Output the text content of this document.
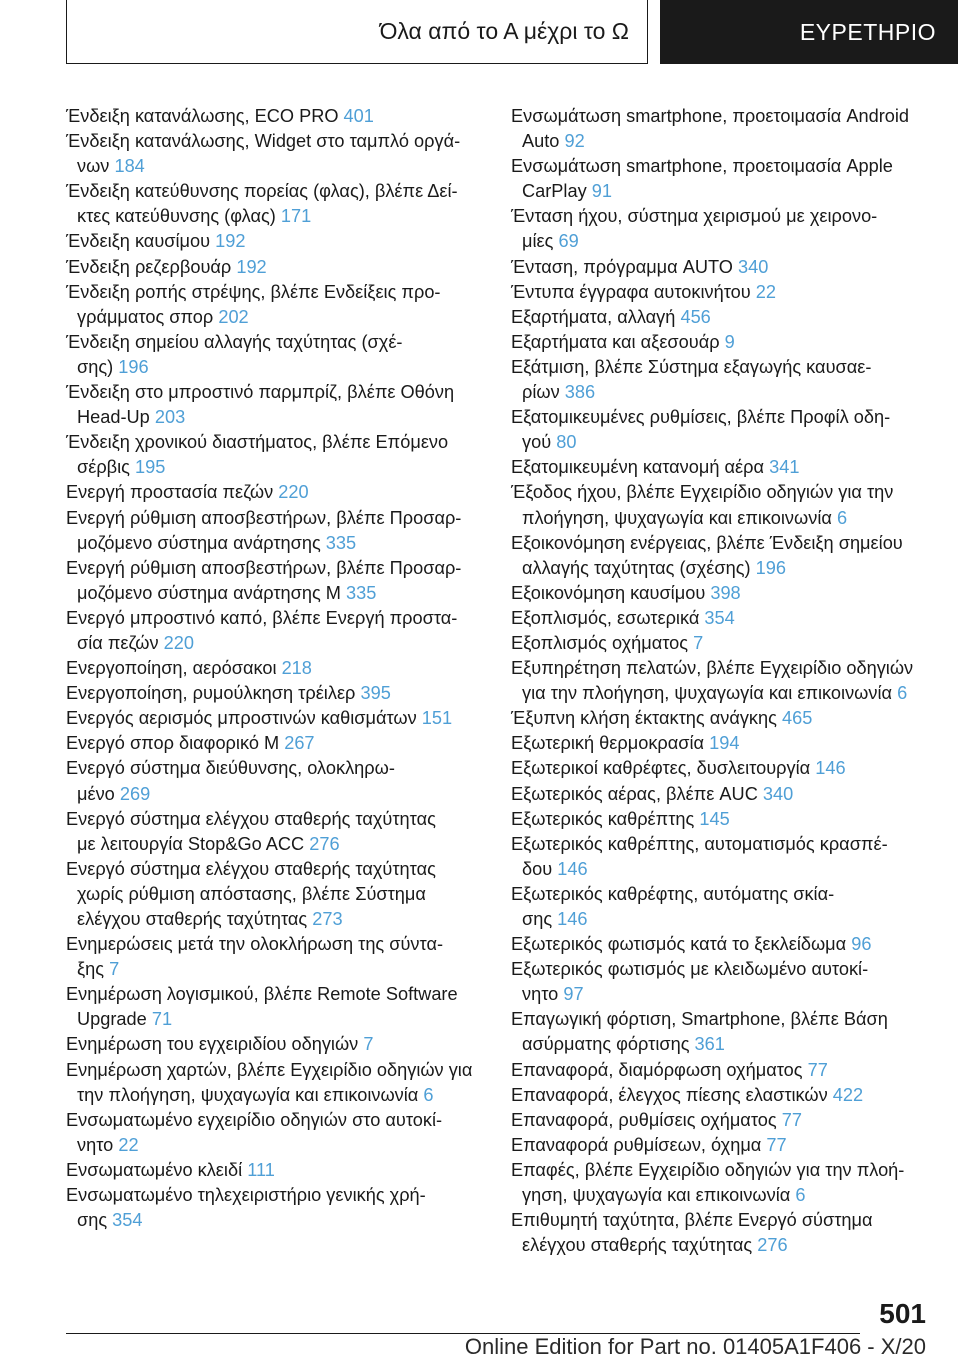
Όλα από το Α μέχρι το Ω	ΕΥΡΕΤΗΡΙΟ

Ένδειξη κατανάλωσης, ECO PRO 401

Ένδειξη κατανάλωσης, Widget στο ταμπλό οργά‐
νων 184

Ένδειξη κατεύθυνσης πορείας (φλας), βλέπε Δεί‐
κτες κατεύθυνσης (φλας) 171

Ένδειξη καυσίμου 192

Ένδειξη ρεζερβουάρ 192

Ένδειξη ροπής στρέψης, βλέπε Ενδείξεις προ‐
γράμματος σπορ 202

Ένδειξη σημείου αλλαγής ταχύτητας (σχέ‐
σης) 196

Ένδειξη στο μπροστινό παρμπρίζ, βλέπε Οθόνη
Head-Up 203

Ένδειξη χρονικού διαστήματος, βλέπε Επόμενο
σέρβις 195

Ενεργή προστασία πεζών 220

Ενεργή ρύθμιση αποσβεστήρων, βλέπε Προσαρ‐
μοζόμενο σύστημα ανάρτησης 335

Ενεργή ρύθμιση αποσβεστήρων, βλέπε Προσαρ‐
μοζόμενο σύστημα ανάρτησης M 335

Ενεργό μπροστινό καπό, βλέπε Ενεργή προστα‐
σία πεζών 220

Ενεργοποίηση, αερόσακοι 218

Ενεργοποίηση, ρυμούλκηση τρέιλερ 395

Ενεργός αερισμός μπροστινών καθισμάτων 151

Ενεργό σπορ διαφορικό M 267

Ενεργό σύστημα διεύθυνσης, ολοκληρω‐
μένο 269

Ενεργό σύστημα ελέγχου σταθερής ταχύτητας
με λειτουργία Stop&Go ACC 276

Ενεργό σύστημα ελέγχου σταθερής ταχύτητας
χωρίς ρύθμιση απόστασης, βλέπε Σύστημα
ελέγχου σταθερής ταχύτητας 273

Ενημερώσεις μετά την ολοκλήρωση της σύντα‐
ξης 7

Ενημέρωση λογισμικού, βλέπε Remote Software
Upgrade 71

Ενημέρωση του εγχειριδίου οδηγιών 7

Ενημέρωση χαρτών, βλέπε Εγχειρίδιο οδηγιών για
την πλοήγηση, ψυχαγωγία και επικοινωνία 6

Ενσωματωμένο εγχειρίδιο οδηγιών στο αυτοκί‐
νητο 22

Ενσωματωμένο κλειδί 111

Ενσωματωμένο τηλεχειριστήριο γενικής χρή‐
σης 354

Ενσωμάτωση smartphone, προετοιμασία Android
Auto 92

Ενσωμάτωση smartphone, προετοιμασία Apple
CarPlay 91

Ένταση ήχου, σύστημα χειρισμού με χειρονο‐
μίες 69

Ένταση, πρόγραμμα AUTO 340

Έντυπα έγγραφα αυτοκινήτου 22

Εξαρτήματα, αλλαγή 456

Εξαρτήματα και αξεσουάρ 9

Εξάτμιση, βλέπε Σύστημα εξαγωγής καυσαε‐
ρίων 386

Εξατομικευμένες ρυθμίσεις, βλέπε Προφίλ οδη‐
γού 80

Εξατομικευμένη κατανομή αέρα 341

Έξοδος ήχου, βλέπε Εγχειρίδιο οδηγιών για την
πλοήγηση, ψυχαγωγία και επικοινωνία 6

Εξοικονόμηση ενέργειας, βλέπε Ένδειξη σημείου
αλλαγής ταχύτητας (σχέσης) 196

Εξοικονόμηση καυσίμου 398

Εξοπλισμός, εσωτερικά 354

Εξοπλισμός οχήματος 7

Εξυπηρέτηση πελατών, βλέπε Εγχειρίδιο οδηγιών
για την πλοήγηση, ψυχαγωγία και επικοινωνία 6

Έξυπνη κλήση έκτακτης ανάγκης 465

Εξωτερική θερμοκρασία 194

Εξωτερικοί καθρέφτες, δυσλειτουργία 146

Εξωτερικός αέρας, βλέπε AUC 340

Εξωτερικός καθρέπτης 145

Εξωτερικός καθρέπτης, αυτοματισμός κρασπέ‐
δου 146

Εξωτερικός καθρέφτης, αυτόματης σκία‐
σης 146

Εξωτερικός φωτισμός κατά το ξεκλείδωμα 96

Εξωτερικός φωτισμός με κλειδωμένο αυτοκί‐
νητο 97

Επαγωγική φόρτιση, Smartphone, βλέπε Βάση
ασύρματης φόρτισης 361

Επαναφορά, διαμόρφωση οχήματος 77

Επαναφορά, έλεγχος πίεσης ελαστικών 422

Επαναφορά, ρυθμίσεις οχήματος 77

Επαναφορά ρυθμίσεων, όχημα 77

Επαφές, βλέπε Εγχειρίδιο οδηγιών για την πλοή‐
γηση, ψυχαγωγία και επικοινωνία 6

Επιθυμητή ταχύτητα, βλέπε Ενεργό σύστημα
ελέγχου σταθερής ταχύτητας 276

501
Online Edition for Part no. 01405A1F406 - X/20
